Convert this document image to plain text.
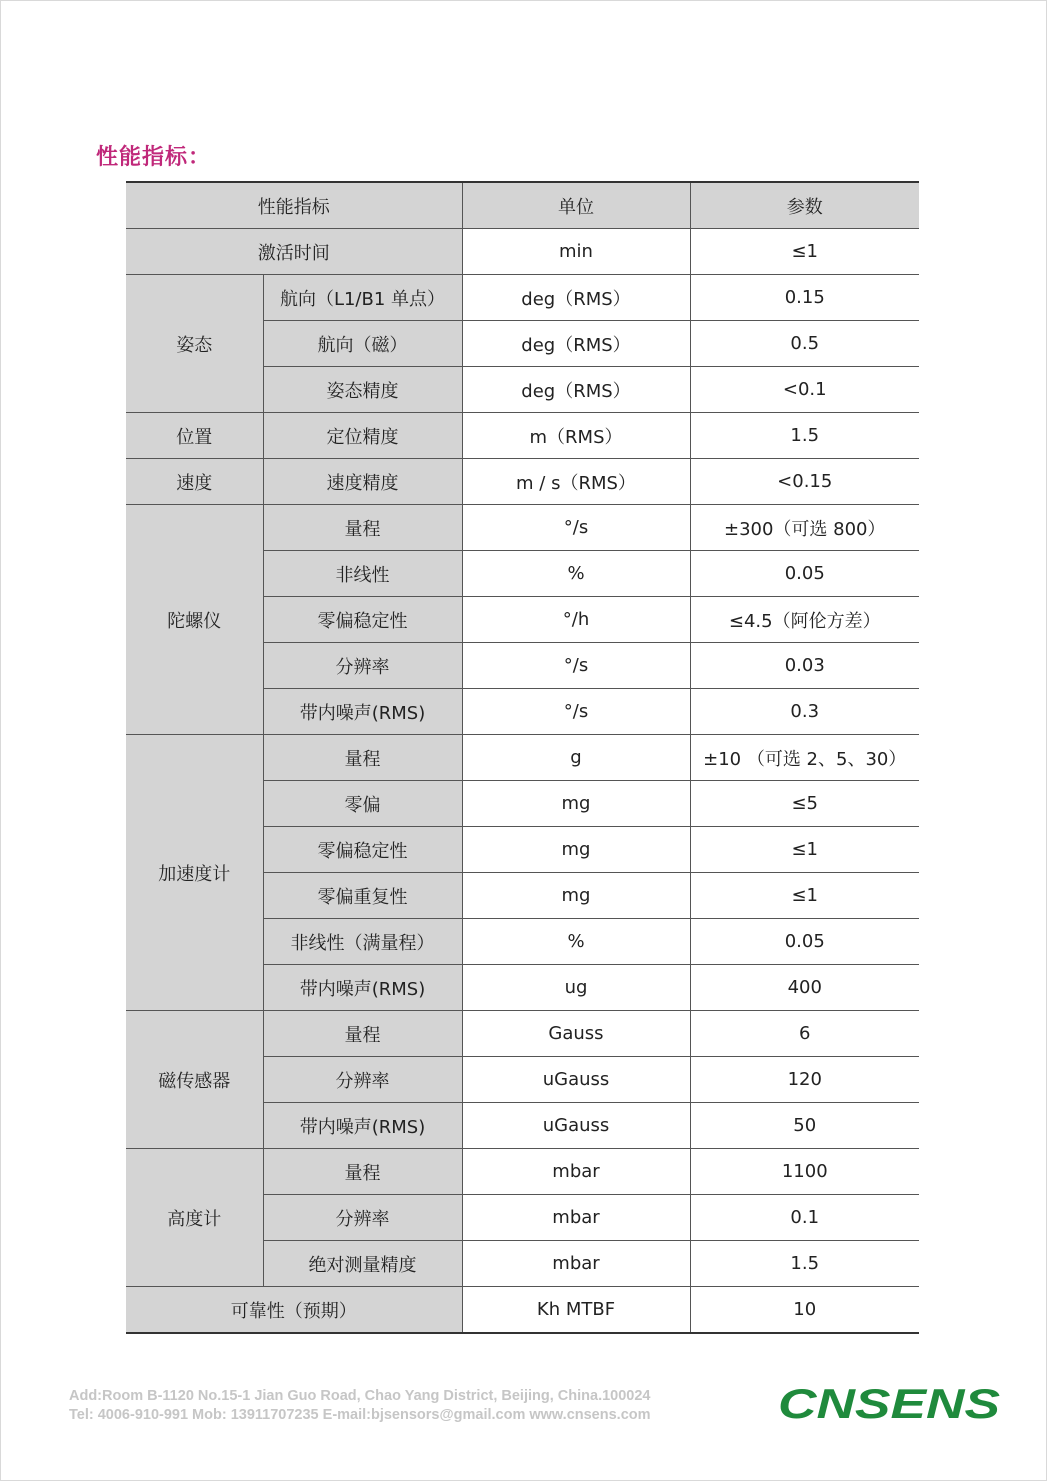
性能指标：
性能指标		单位	参数
激活时间		min	≤1
姿态	航向（L1/B1 单点）	deg（RMS）	0.15
	航向（磁）	deg（RMS）	0.5
	姿态精度	deg（RMS）	<0.1
位置	定位精度	m（RMS）	1.5
速度	速度精度	m / s（RMS）	<0.15
陀螺仪	量程	°/s	±300（可选 800）
	非线性	%	0.05
	零偏稳定性	°/h	≤4.5（阿伦方差）
	分辨率	°/s	0.03
	带内噪声(RMS)	°/s	0.3
加速度计	量程	g	±10 （可选 2、5、30）
	零偏	mg	≤5
	零偏稳定性	mg	≤1
	零偏重复性	mg	≤1
	非线性（满量程）	%	0.05
	带内噪声(RMS)	ug	400
磁传感器	量程	Gauss	6
	分辨率	uGauss	120
	带内噪声(RMS)	uGauss	50
高度计	量程	mbar	1100
	分辨率	mbar	0.1
	绝对测量精度	mbar	1.5
可靠性（预期）		Kh MTBF	10
Add:Room B-1120 No.15-1 Jian Guo Road, Chao Yang District, Beijing, China.100024
Tel: 4006-910-991 Mob: 13911707235 E-mail:bjsensors@gmail.com www.cnsens.com	CNSENS
